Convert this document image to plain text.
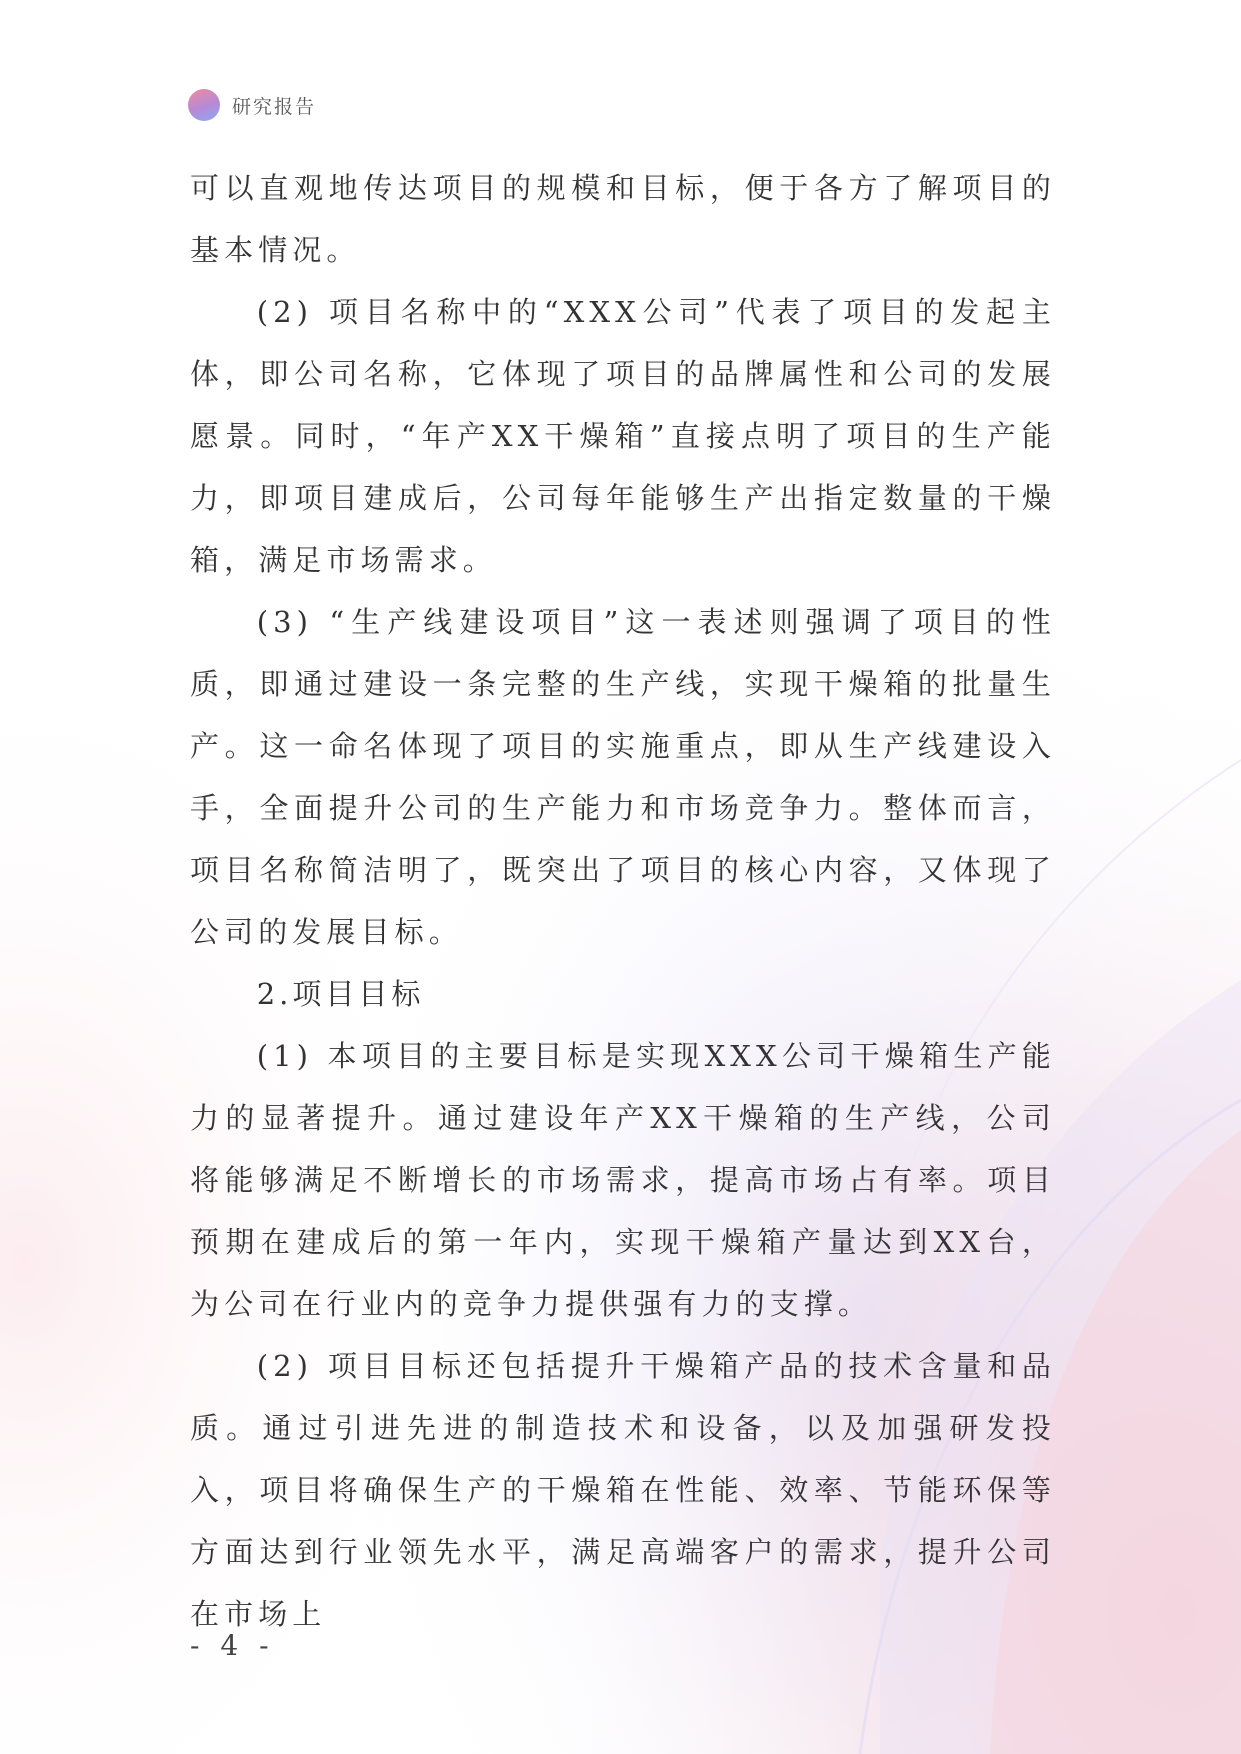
研究报告

可以直观地传达项目的规模和目标，便于各方了解项目的基本情况。

(2) 项目名称中的“XXX公司”代表了项目的发起主体，即公司名称，它体现了项目的品牌属性和公司的发展愿景。同时，“年产XX干燥箱”直接点明了项目的生产能力，即项目建成后，公司每年能够生产出指定数量的干燥箱，满足市场需求。

(3) “生产线建设项目”这一表述则强调了项目的性质，即通过建设一条完整的生产线，实现干燥箱的批量生产。这一命名体现了项目的实施重点，即从生产线建设入手，全面提升公司的生产能力和市场竞争力。整体而言，项目名称简洁明了，既突出了项目的核心内容，又体现了公司的发展目标。

2.项目目标

(1) 本项目的主要目标是实现XXX公司干燥箱生产能力的显著提升。通过建设年产XX干燥箱的生产线，公司将能够满足不断增长的市场需求，提高市场占有率。项目预期在建成后的第一年内，实现干燥箱产量达到XX台，为公司在行业内的竞争力提供强有力的支撑。

(2) 项目目标还包括提升干燥箱产品的技术含量和品质。通过引进先进的制造技术和设备，以及加强研发投入，项目将确保生产的干燥箱在性能、效率、节能环保等方面达到行业领先水平，满足高端客户的需求，提升公司在市场上

- 4 -
